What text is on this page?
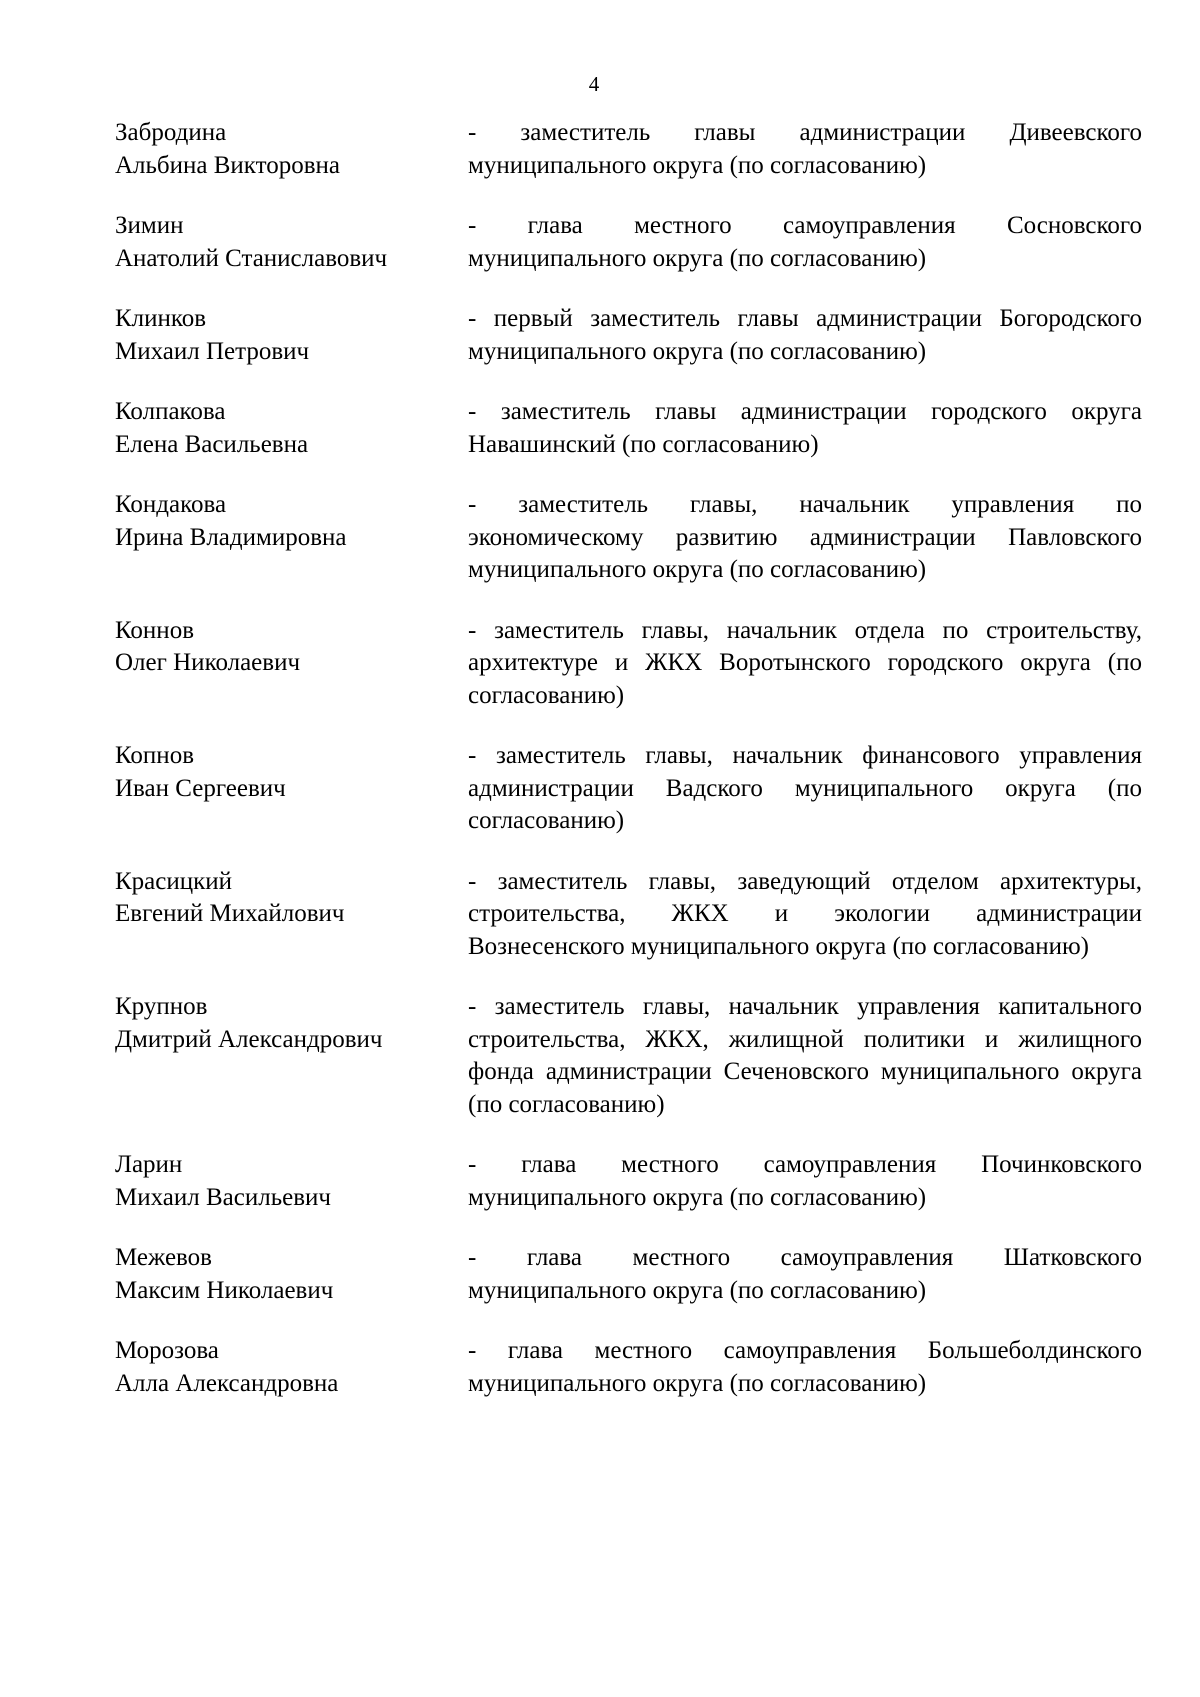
4
Забродина
Альбина Викторовна
- заместитель главы администрации Дивеевского муниципального округа (по согласованию)
Зимин
Анатолий Станиславович
- глава местного самоуправления Сосновского муниципального округа (по согласованию)
Клинков
Михаил Петрович
- первый заместитель главы администрации Богородского муниципального округа (по согласованию)
Колпакова
Елена Васильевна
- заместитель главы администрации городского округа Навашинский (по согласованию)
Кондакова
Ирина Владимировна
- заместитель главы, начальник управления по экономическому развитию администрации Павловского муниципального округа (по согласованию)
Коннов
Олег Николаевич
- заместитель главы, начальник отдела по строительству, архитектуре и ЖКХ Воротынского городского округа (по согласованию)
Копнов
Иван Сергеевич
- заместитель главы, начальник финансового управления администрации Вадского муниципального округа (по согласованию)
Красицкий
Евгений Михайлович
- заместитель главы, заведующий отделом архитектуры, строительства, ЖКХ и экологии администрации Вознесенского муниципального округа (по согласованию)
Крупнов
Дмитрий Александрович
- заместитель главы, начальник управления капитального строительства, ЖКХ, жилищной политики и жилищного фонда администрации Сеченовского муниципального округа (по согласованию)
Ларин
Михаил Васильевич
- глава местного самоуправления Починковского муниципального округа (по согласованию)
Межевов
Максим Николаевич
- глава местного самоуправления Шатковского муниципального округа (по согласованию)
Морозова
Алла Александровна
- глава местного самоуправления Большеболдинского муниципального округа (по согласованию)
